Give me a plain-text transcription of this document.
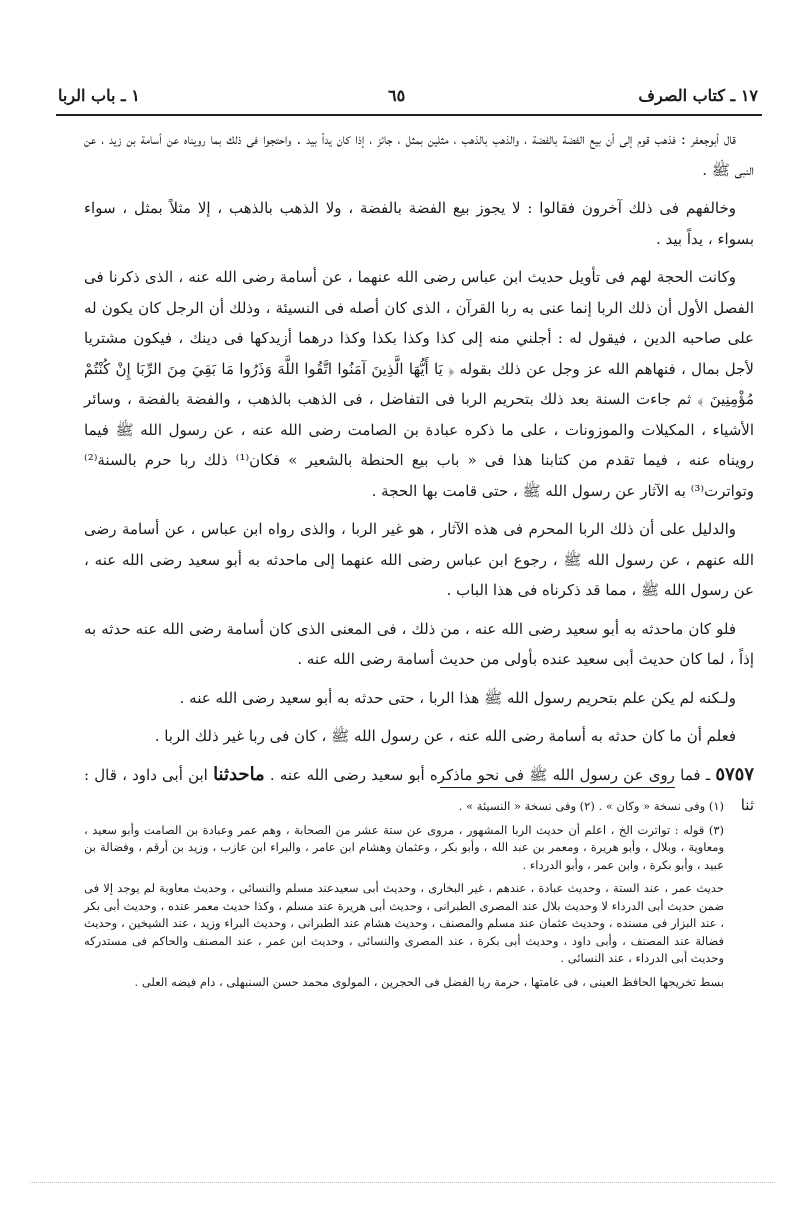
١٧ ـ كتاب الصرف
٦٥
١ ـ باب الربا

قال أبوجعفر : فذهب قوم إلى أن بيع الفضة بالفضة ، والذهب بالذهب ، مثلين بمثل ، جائز ، إذا كان يداً بيد . واحتجوا فى ذلك بما رويناه عن أسامة بن زيد ، عن النبى ﷺ .

وخالفهم فى ذلك آخرون فقالوا : لا يجوز بيع الفضة بالفضة ، ولا الذهب بالذهب ، إلا مثلاً بمثل ، سواء بسواء ، يداً بيد .

وكانت الحجة لهم فى تأويل حديث ابن عباس رضى الله عنهما ، عن أسامة رضى الله عنه ، الذى ذكرنا فى الفصل الأول أن ذلك الربا إنما عنى به ربا القرآن ، الذى كان أصله فى النسيئة ، وذلك أن الرجل كان يكون له على صاحبه الدين ، فيقول له : أجلني منه إلى كذا وكذا بكذا وكذا درهما أزيدكها فى دينك ، فيكون مشتريا لأجل بمال ، فنهاهم الله عز وجل عن ذلك بقوله ﴿ يَا أَيُّهَا الَّذِينَ آمَنُوا اتَّقُوا اللَّهَ وَذَرُوا مَا بَقِيَ مِنَ الرِّبَا إِنْ كُنْتُمْ مُؤْمِنِينَ ﴾ ثم جاءت السنة بعد ذلك بتحريم الربا فى التفاضل ، فى الذهب بالذهب ، والفضة بالفضة ، وسائر الأشياء ، المكيلات والموزونات ، على ما ذكره عبادة بن الصامت رضى الله عنه ، عن رسول الله ﷺ فيما رويناه عنه ، فيما تقدم من كتابنا هذا فى « باب بيع الحنطة بالشعير » فكان⁽¹⁾ ذلك ربا حرم بالسنة⁽²⁾ وتواترت⁽³⁾ به الآثار عن رسول الله ﷺ ، حتى قامت بها الحجة .

والدليل على أن ذلك الربا المحرم فى هذه الآثار ، هو غير الربا ، والذى رواه ابن عباس ، عن أسامة رضى الله عنهم ، عن رسول الله ﷺ ، رجوع ابن عباس رضى الله عنهما إلى ماحدثه به أبو سعيد رضى الله عنه ، عن رسول الله ﷺ ، مما قد ذكرناه فى هذا الباب .

فلو كان ماحدثه به أبو سعيد رضى الله عنه ، من ذلك ، فى المعنى الذى كان أسامة رضى الله عنه حدثه به إذاً ، لما كان حديث أبى سعيد عنده بأولى من حديث أسامة رضى الله عنه .

ولـكنه لم يكن علم بتحريم رسول الله ﷺ هذا الربا ، حتى حدثه به أبو سعيد رضى الله عنه .

فعلم أن ما كان حدثه به أسامة رضى الله عنه ، عن رسول الله ﷺ ، كان فى ربا غير ذلك الربا .

٥٧٥٧ ـ فما روى عن رسول الله ﷺ فى نحو ماذكره أبو سعيد رضى الله عنه . ماحدثنا ابن أبى داود ، قال : ثنا

(١) وفى نسخة « وكان » . (٢) وفى نسخة « النسيئة » .

(٣) قوله : تواترت الخ ، اعلم أن حديث الربا المشهور ، مروى عن ستة عشر من الصحابة ، وهم عمر وعبادة بن الصامت وأبو سعيد ، ومعاوية ، وبلال ، وأبو هريرة ، ومعمر بن عبد الله ، وأبو بكر ، وعثمان وهشام ابن عامر ، والبراء ابن عازب ، وزيد بن أرقم ، وفضالة بن عبيد ، وأبو بكرة ، وابن عمر ، وأبو الدرداء .

حديث عمر ، عند الستة ، وحديث عبادة ، عندهم ، غير البخارى ، وحديث أبى سعيدعند مسلم والنسائى ، وحديث معاوية لم يوجد إلا فى ضمن حديث أبى الدرداء لا وحديث بلال عند المصرى الطبرانى ، وحديث أبى هريرة عند مسلم ، وكذا حديث معمر عنده ، وحديث أبى بكر ، عند البزار فى مسنده ، وحديث عثمان عند مسلم والمصنف ، وحديث هشام عند الطبرانى ، وحديث البراء وزيد ، عند الشيخين ، وحديث فضالة عند المصنف ، وأبى داود ، وحديث أبى بكرة ، عند المصرى والنسائى ، وحديث ابن عمر ، عند المصنف والحاكم فى مستدركه وحديث أبى الدرداء ، عند النسائى .

بسط تخريجها الحافظ العينى ، فى عامتها ، حرمة ربا الفضل فى الحجرين ، المولوى محمد حسن السنبهلى ، دام فيضه العلى .
